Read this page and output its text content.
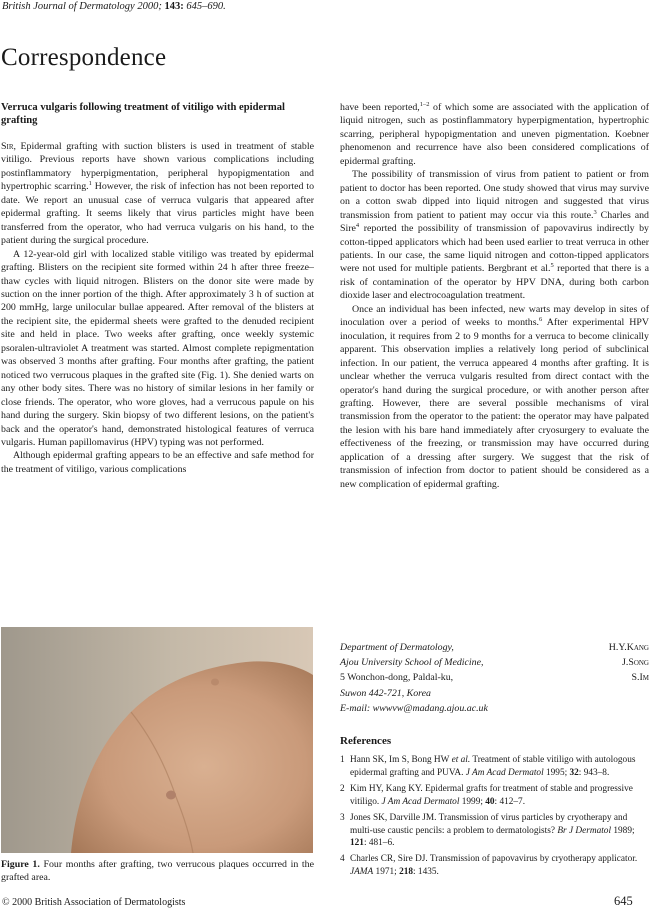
British Journal of Dermatology 2000; 143: 645–690.
Correspondence
Verruca vulgaris following treatment of vitiligo with epidermal grafting

Sir, Epidermal grafting with suction blisters is used in treatment of stable vitiligo. Previous reports have shown various complications including postinflammatory hyperpigmentation, peripheral hypopigmentation and hypertrophic scarring.$^1$ However, the risk of infection has not been reported to date. We report an unusual case of verruca vulgaris that appeared after epidermal grafting. It seems likely that virus particles might have been transferred from the operator, who had verruca vulgaris on his hand, to the patient during the surgical procedure.

A 12-year-old girl with localized stable vitiligo was treated by epidermal grafting. Blisters on the recipient site formed within 24 h after three freeze–thaw cycles with liquid nitrogen. Blisters on the donor site were made by suction on the inner portion of the thigh. After approximately 3 h of suction at 200 mmHg, large unilocular bullae appeared. After removal of the blisters at the recipient site, the epidermal sheets were grafted to the denuded recipient site and held in place. Two weeks after grafting, once weekly systemic psoralen-ultraviolet A treatment was started. Almost complete repigmentation was observed 3 months after grafting. Four months after grafting, the patient noticed two verrucous plaques in the grafted site (Fig. 1). She denied warts on any other body sites. There was no history of similar lesions in her family or close friends. The operator, who wore gloves, had a verrucous papule on his hand during the surgery. Skin biopsy of two different lesions, on the patient's back and the operator's hand, demonstrated histological features of verruca vulgaris. Human papillomavirus (HPV) typing was not performed.

Although epidermal grafting appears to be an effective and safe method for the treatment of vitiligo, various complications

have been reported,$^{1-2}$ of which some are associated with the application of liquid nitrogen, such as postinflammatory hyperpigmentation, hypertrophic scarring, peripheral hypopigmentation and uneven pigmentation. Koebner phenomenon and recurrence have also been considered complications of epidermal grafting.

The possibility of transmission of virus from patient to patient or from patient to doctor has been reported. One study showed that virus may survive on a cotton swab dipped into liquid nitrogen and suggested that virus transmission from patient to patient may occur via this route.$^3$ Charles and Sire$^4$ reported the possibility of transmission of papovavirus indirectly by cotton-tipped applicators which had been used earlier to treat verruca in other patients. In our case, the same liquid nitrogen and cotton-tipped applicators were not used for multiple patients. Bergbrant et al.$^5$ reported that there is a risk of contamination of the operator by HPV DNA, during both carbon dioxide laser and electrocoagulation treatment.

Once an individual has been infected, new warts may develop in sites of inoculation over a period of weeks to months.$^6$ After experimental HPV inoculation, it requires from 2 to 9 months for a verruca to become clinically apparent. This observation implies a relatively long period of subclinical infection. In our patient, the verruca appeared 4 months after grafting. It is unclear whether the verruca vulgaris resulted from direct contact with the operator's hand during the surgical procedure, or with another person after grafting. However, there are several possible mechanisms of viral transmission from the operator to the patient: the operator may have palpated the lesion with his bare hand immediately after cryosurgery to evaluate the effectiveness of the freezing, or transmission may have occurred during application of a dressing after surgery. We suggest that the risk of transmission of infection from doctor to patient should be considered as a new complication of epidermal grafting.

Figure 1. Four months after grafting, two verrucous plaques occurred in the grafted area.
Department of Dermatology,	H.Y.Kang
Ajou University School of Medicine,	J.Song
5 Wonchon-dong, Paldal-ku,	S.Im
Suwon 442-721, Korea
E-mail: wwwvw@madang.ajou.ac.uk
References
1 Hann SK, Im S, Bong HW et al. Treatment of stable vitiligo with autologous epidermal grafting and PUVA. J Am Acad Dermatol 1995; 32: 943–8.
2 Kim HY, Kang KY. Epidermal grafts for treatment of stable and progressive vitiligo. J Am Acad Dermatol 1999; 40: 412–7.
3 Jones SK, Darville JM. Transmission of virus particles by cryotherapy and multi-use caustic pencils: a problem to dermatologists? Br J Dermatol 1989; 121: 481–6.
4 Charles CR, Sire DJ. Transmission of papovavirus by cryotherapy applicator. JAMA 1971; 218: 1435.
© 2000 British Association of Dermatologists	645
